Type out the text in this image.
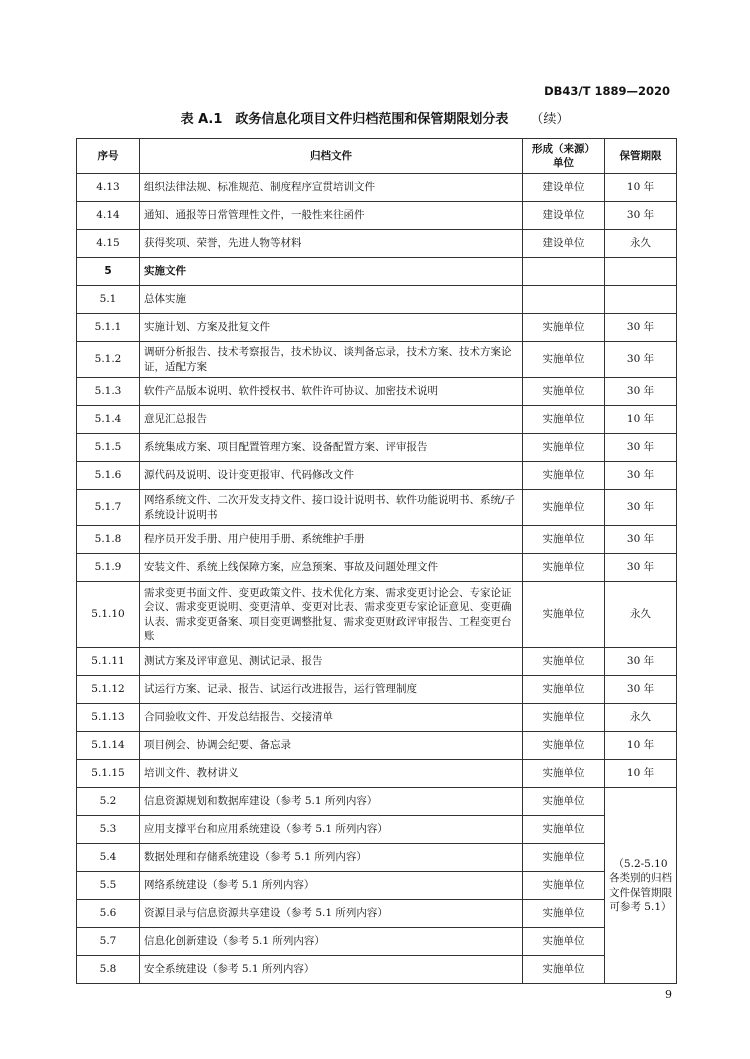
DB43/T 1889—2020
表 A.1　政务信息化项目文件归档范围和保管期限划分表 （续）
序号	归档文件	形成（来源）单位	保管期限
4.13	组织法律法规、标准规范、制度程序宣贯培训文件	建设单位	10 年
4.14	通知、通报等日常管理性文件，一般性来往函件	建设单位	30 年
4.15	获得奖项、荣誉，先进人物等材料	建设单位	永久
5	实施文件		
5.1	总体实施		
5.1.1	实施计划、方案及批复文件	实施单位	30 年
5.1.2	调研分析报告、技术考察报告，技术协议、谈判备忘录，技术方案、技术方案论证，适配方案	实施单位	30 年
5.1.3	软件产品版本说明、软件授权书、软件许可协议、加密技术说明	实施单位	30 年
5.1.4	意见汇总报告	实施单位	10 年
5.1.5	系统集成方案、项目配置管理方案、设备配置方案、评审报告	实施单位	30 年
5.1.6	源代码及说明、设计变更报审、代码修改文件	实施单位	30 年
5.1.7	网络系统文件、二次开发支持文件、接口设计说明书、软件功能说明书、系统/子系统设计说明书	实施单位	30 年
5.1.8	程序员开发手册、用户使用手册、系统维护手册	实施单位	30 年
5.1.9	安装文件、系统上线保障方案，应急预案、事故及问题处理文件	实施单位	30 年
5.1.10	需求变更书面文件、变更政策文件、技术优化方案、需求变更讨论会、专家论证会议、需求变更说明、变更清单、变更对比表、需求变更专家论证意见、变更确认表、需求变更备案、项目变更调整批复、需求变更财政评审报告、工程变更台账	实施单位	永久
5.1.11	测试方案及评审意见、测试记录、报告	实施单位	30 年
5.1.12	试运行方案、记录、报告、试运行改进报告，运行管理制度	实施单位	30 年
5.1.13	合同验收文件、开发总结报告、交接清单	实施单位	永久
5.1.14	项目例会、协调会纪要、备忘录	实施单位	10 年
5.1.15	培训文件、教材讲义	实施单位	10 年
5.2	信息资源规划和数据库建设（参考 5.1 所列内容）	实施单位	（5.2-5.10 各类别的归档文件保管期限可参考 5.1）
5.3	应用支撑平台和应用系统建设（参考 5.1 所列内容）	实施单位	
5.4	数据处理和存储系统建设（参考 5.1 所列内容）	实施单位	
5.5	网络系统建设（参考 5.1 所列内容）	实施单位	
5.6	资源目录与信息资源共享建设（参考 5.1 所列内容）	实施单位	
5.7	信息化创新建设（参考 5.1 所列内容）	实施单位	
5.8	安全系统建设（参考 5.1 所列内容）	实施单位	
9
